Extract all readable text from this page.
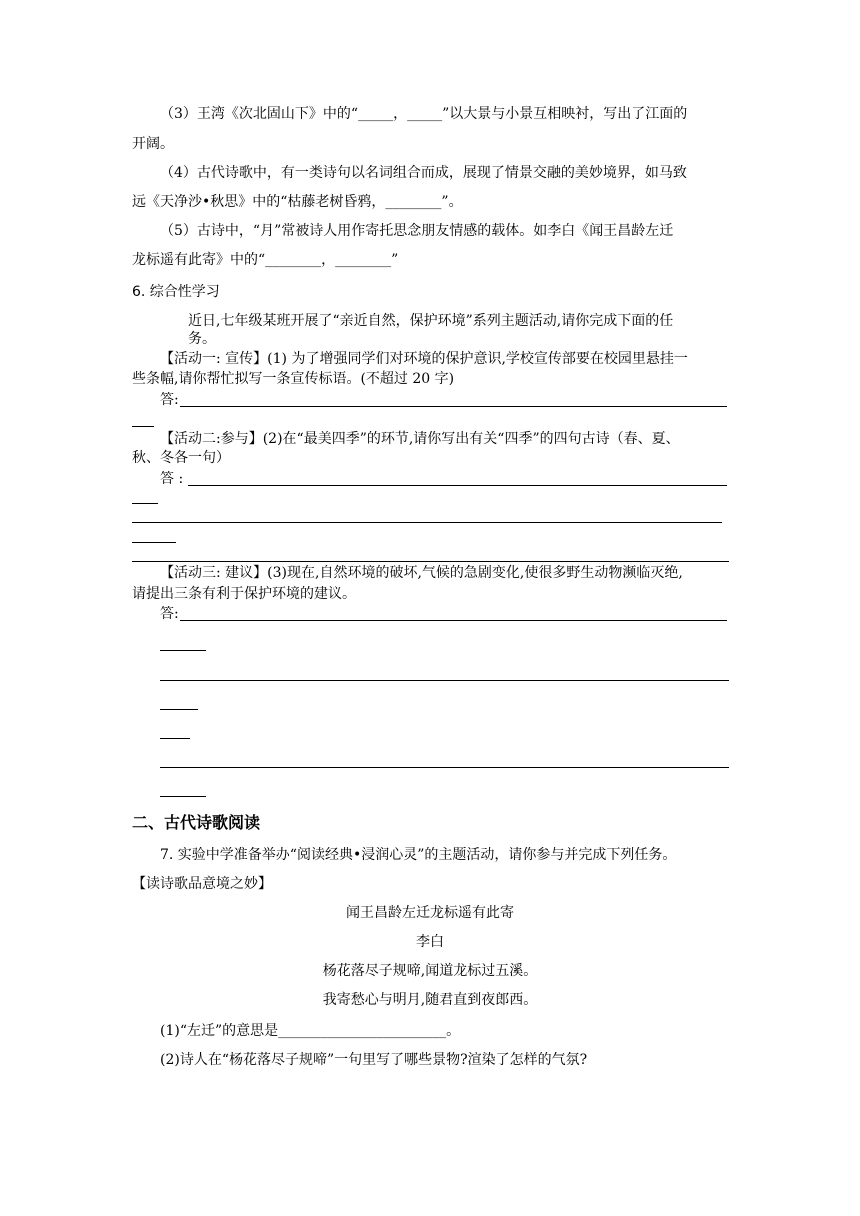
（3）王湾《次北固山下》中的“_____，_____”以大景与小景互相映衬，写出了江面的
开阔。
（4）古代诗歌中，有一类诗句以名词组合而成，展现了情景交融的美妙境界，如马致
远《天净沙•秋思》中的“枯藤老树昏鸦，________”。
（5）古诗中，“月”常被诗人用作寄托思念朋友情感的载体。如李白《闻王昌龄左迁
龙标遥有此寄》中的“________，________”
6. 综合性学习
近日,七年级某班开展了“亲近自然，保护环境”系列主题活动,请你完成下面的任
务。
【活动一: 宣传】(1) 为了增强同学们对环境的保护意识,学校宣传部要在校园里悬挂一
些条幅,请你帮忙拟写一条宣传标语。(不超过 20 字)
答:
【活动二:参与】(2)在“最美四季”的环节,请你写出有关“四季”的四句古诗（春、夏、
秋、冬各一句）
答 :
【活动三: 建议】(3)现在,自然环境的破坏,气候的急剧变化,使很多野生动物濒临灭绝,
请提出三条有利于保护环境的建议。
答:
二、古代诗歌阅读
7. 实验中学准备举办“阅读经典•浸润心灵”的主题活动，请你参与并完成下列任务。
【读诗歌品意境之妙】
闻王昌龄左迁龙标遥有此寄
李白
杨花落尽子规啼,闻道龙标过五溪。
我寄愁心与明月,随君直到夜郎西。
(1)“左迁”的意思是________________________。
(2)诗人在“杨花落尽子规啼”一句里写了哪些景物?渲染了怎样的气氛?
